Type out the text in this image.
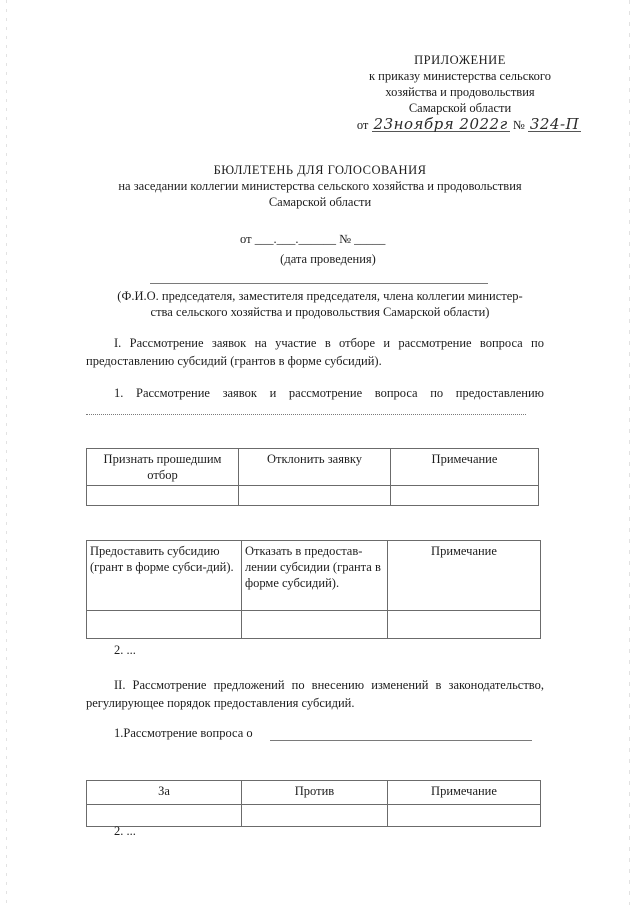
ПРИЛОЖЕНИЕ
к приказу министерства сельского
хозяйства и продовольствия
Самарской области
от 23ноября 2022г № 324-П
БЮЛЛЕТЕНЬ ДЛЯ ГОЛОСОВАНИЯ
на заседании коллегии министерства сельского хозяйства и продовольствия
Самарской области
от ___.___.______ № _____
(дата проведения)
(Ф.И.О. председателя, заместителя председателя, члена коллегии министер-
ства сельского хозяйства и продовольствия Самарской области)
I. Рассмотрение заявок на участие в отборе и рассмотрение вопроса по предоставлению субсидий (грантов в форме субсидий).
1. Рассмотрение заявок и рассмотрение вопроса по предоставлению
Признать прошедшим отбор	Отклонить заявку	Примечание

Предоставить субсидию (грант в форме субси-дий).	Отказать в предостав-лении субсидии (гранта в форме субсидий).	Примечание

2. ...
II. Рассмотрение предложений по внесению изменений в законодательство, регулирующее порядок предоставления субсидий.
1.Рассмотрение вопроса о
За	Против	Примечание

2. ...
